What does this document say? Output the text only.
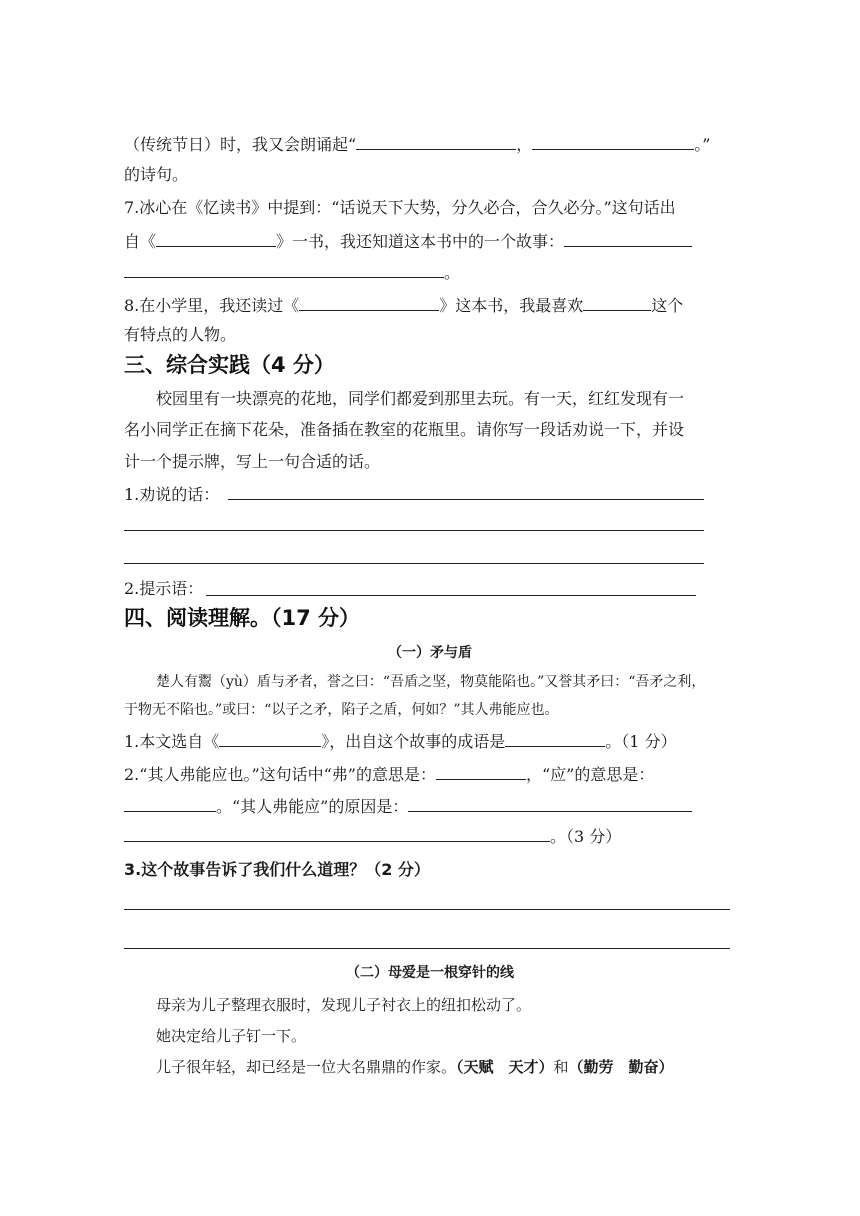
（传统节日）时，我又会朗诵起“	，	。”
的诗句。
7.冰心在《忆读书》中提到：“话说天下大势，分久必合，合久必分。”这句话出
自《	》一书，我还知道这本书中的一个故事：
。
8.在小学里，我还读过《	》这本书，我最喜欢	这个
有特点的人物。
三、综合实践（4 分）
校园里有一块漂亮的花地，同学们都爱到那里去玩。有一天，红红发现有一
名小同学正在摘下花朵，准备插在教室的花瓶里。请你写一段话劝说一下，并设
计一个提示牌，写上一句合适的话。
1.劝说的话：
2.提示语：
四、阅读理解。（17 分）
（一）矛与盾
楚人有鬻（yù）盾与矛者，誉之曰：“吾盾之坚，物莫能陷也。”又誉其矛曰：“吾矛之利，
于物无不陷也。”或曰：“以子之矛，陷子之盾，何如？”其人弗能应也。
1.本文选自《	》，出自这个故事的成语是	。（1 分）
2.“其人弗能应也。”这句话中“弗”的意思是：	，“应”的意思是：
。“其人弗能应”的原因是：
。（3 分）
3.这个故事告诉了我们什么道理？（2 分）
（二）母爱是一根穿针的线
母亲为儿子整理衣服时，发现儿子衬衣上的纽扣松动了。
她决定给儿子钉一下。
儿子很年轻，却已经是一位大名鼎鼎的作家。（天赋　天才）和（勤劳　勤奋）
